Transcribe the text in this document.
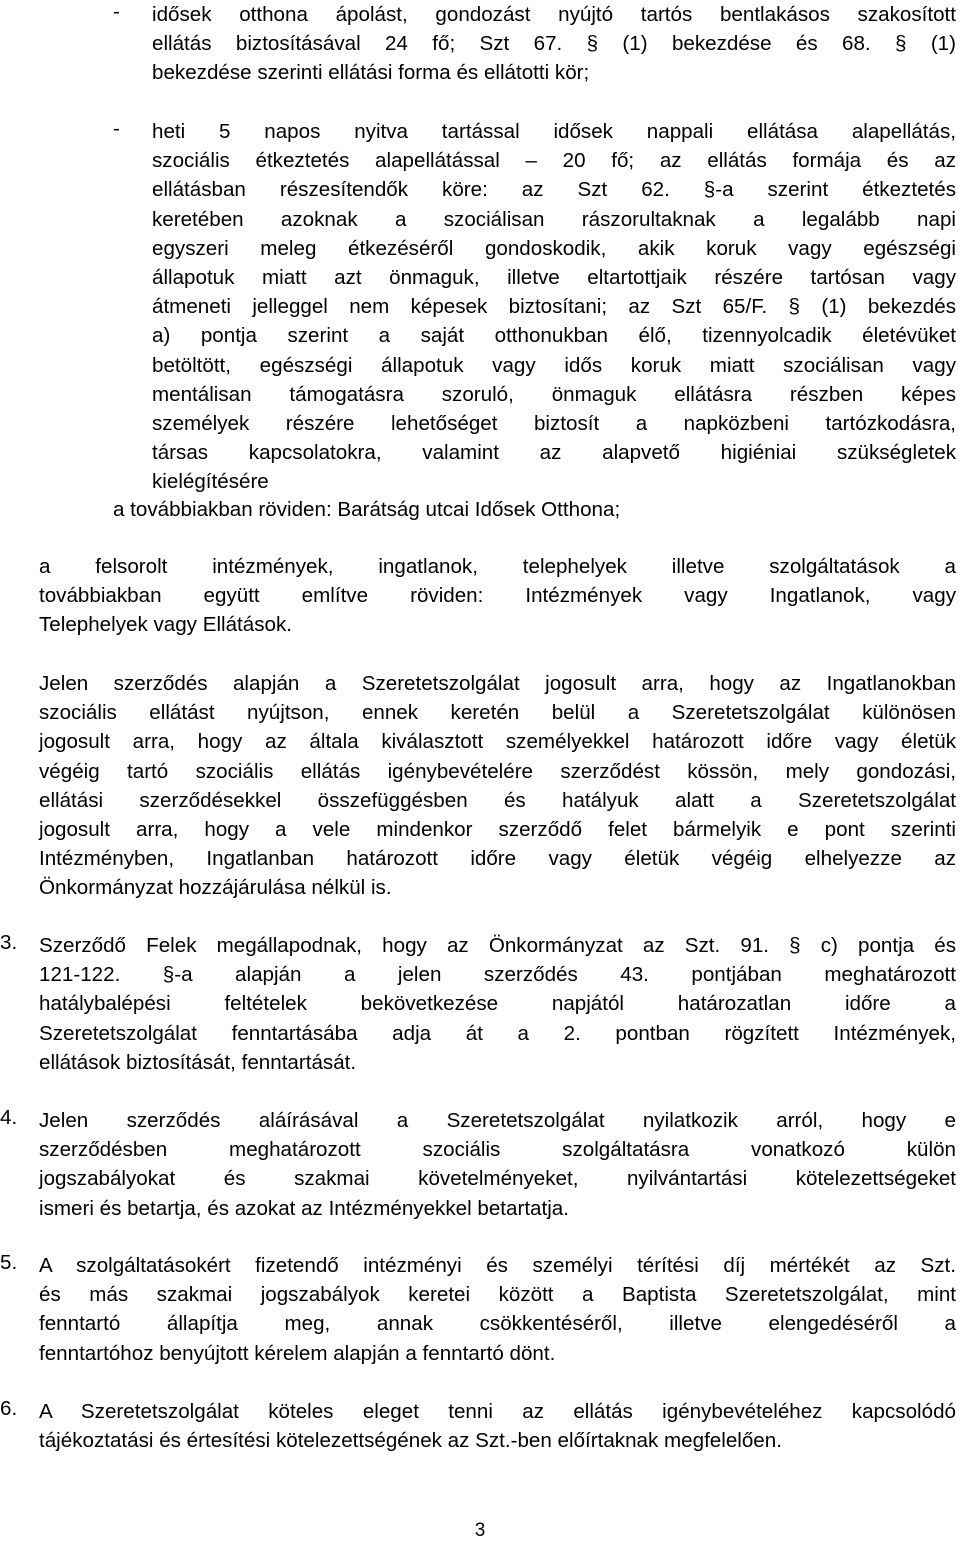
- idősek otthona ápolást, gondozást nyújtó tartós bentlakásos szakosított

ellátás biztosításával 24 fő; Szt 67. § (1) bekezdése és 68. § (1)

bekezdése szerinti ellátási forma és ellátotti kör;

- heti 5 napos nyitva tartással idősek nappali ellátása alapellátás,

szociális étkeztetés alapellátással – 20 fő; az ellátás formája és az

ellátásban részesítendők köre: az Szt 62. §-a szerint étkeztetés

keretében azoknak a szociálisan rászorultaknak a legalább napi

egyszeri meleg étkezéséről gondoskodik, akik koruk vagy egészségi

állapotuk miatt azt önmaguk, illetve eltartottjaik részére tartósan vagy

átmeneti jelleggel nem képesek biztosítani; az Szt 65/F. § (1) bekezdés

a) pontja szerint a saját otthonukban élő, tizennyolcadik életévüket

betöltött, egészségi állapotuk vagy idős koruk miatt szociálisan vagy

mentálisan támogatásra szoruló, önmaguk ellátásra részben képes

személyek részére lehetőséget biztosít a napközbeni tartózkodásra,

társas kapcsolatokra, valamint az alapvető higiéniai szükségletek

kielégítésére

a továbbiakban röviden: Barátság utcai Idősek Otthona;

a felsorolt intézmények, ingatlanok, telephelyek illetve szolgáltatások a

továbbiakban együtt említve röviden: Intézmények vagy Ingatlanok, vagy

Telephelyek vagy Ellátások.

Jelen szerződés alapján a Szeretetszolgálat jogosult arra, hogy az Ingatlanokban

szociális ellátást nyújtson, ennek keretén belül a Szeretetszolgálat különösen

jogosult arra, hogy az általa kiválasztott személyekkel határozott időre vagy életük

végéig tartó szociális ellátás igénybevételére szerződést kössön, mely gondozási,

ellátási szerződésekkel összefüggésben és hatályuk alatt a Szeretetszolgálat

jogosult arra, hogy a vele mindenkor szerződő felet bármelyik e pont szerinti

Intézményben, Ingatlanban határozott időre vagy életük végéig elhelyezze az

Önkormányzat hozzájárulása nélkül is.

3. Szerződő Felek megállapodnak, hogy az Önkormányzat az Szt. 91. § c) pontja és

121-122. §-a alapján a jelen szerződés 43. pontjában meghatározott

hatálybalépési feltételek bekövetkezése napjától határozatlan időre a

Szeretetszolgálat fenntartásába adja át a 2. pontban rögzített Intézmények,

ellátások biztosítását, fenntartását.

4. Jelen szerződés aláírásával a Szeretetszolgálat nyilatkozik arról, hogy e

szerződésben meghatározott szociális szolgáltatásra vonatkozó külön

jogszabályokat és szakmai követelményeket, nyilvántartási kötelezettségeket

ismeri és betartja, és azokat az Intézményekkel betartatja.

5. A szolgáltatásokért fizetendő intézményi és személyi térítési díj mértékét az Szt.

és más szakmai jogszabályok keretei között a Baptista Szeretetszolgálat, mint

fenntartó állapítja meg, annak csökkentéséről, illetve elengedéséről a

fenntartóhoz benyújtott kérelem alapján a fenntartó dönt.

6. A Szeretetszolgálat köteles eleget tenni az ellátás igénybevételéhez kapcsolódó

tájékoztatási és értesítési kötelezettségének az Szt.-ben előírtaknak megfelelően.

3
